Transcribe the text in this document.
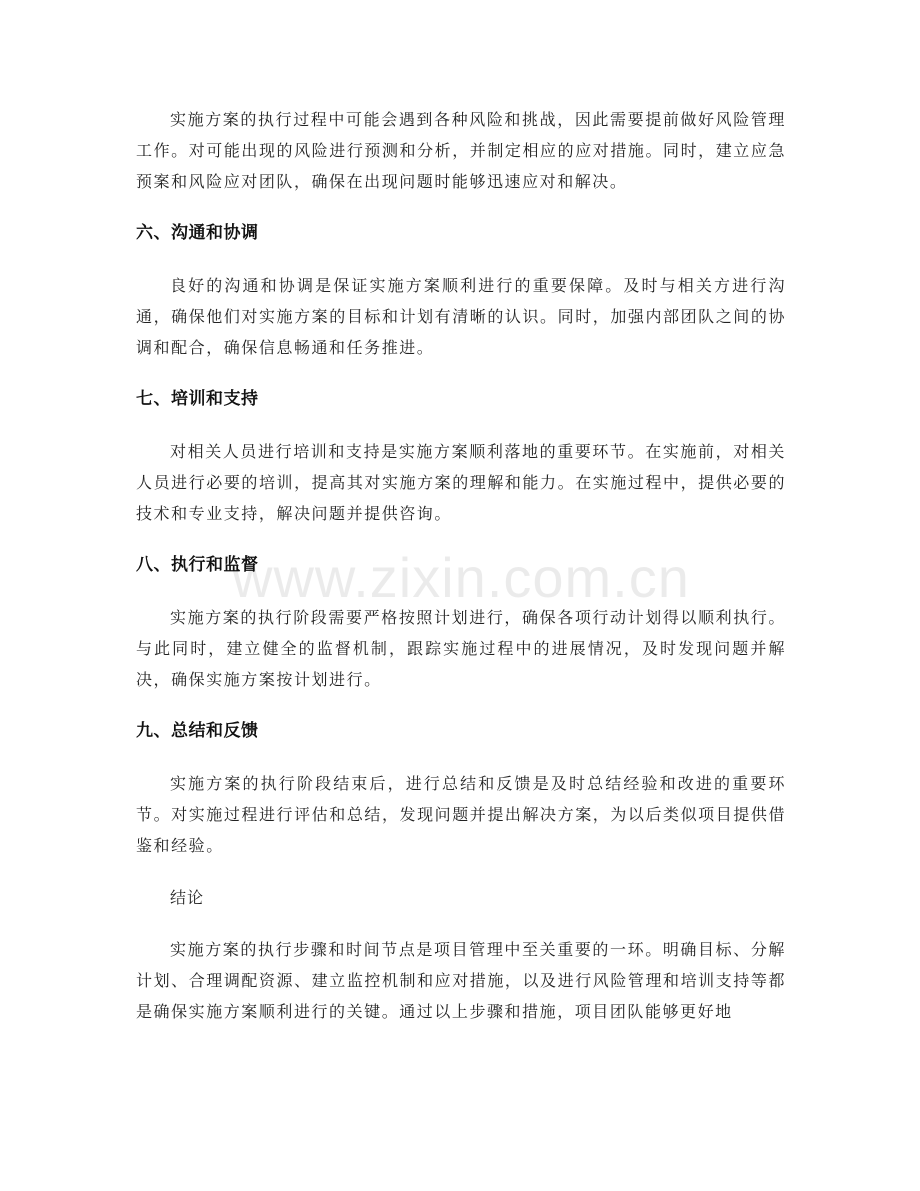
实施方案的执行过程中可能会遇到各种风险和挑战，因此需要提前做好风险管理工作。对可能出现的风险进行预测和分析，并制定相应的应对措施。同时，建立应急预案和风险应对团队，确保在出现问题时能够迅速应对和解决。

六、沟通和协调

良好的沟通和协调是保证实施方案顺利进行的重要保障。及时与相关方进行沟通，确保他们对实施方案的目标和计划有清晰的认识。同时，加强内部团队之间的协调和配合，确保信息畅通和任务推进。

七、培训和支持

对相关人员进行培训和支持是实施方案顺利落地的重要环节。在实施前，对相关人员进行必要的培训，提高其对实施方案的理解和能力。在实施过程中，提供必要的技术和专业支持，解决问题并提供咨询。

八、执行和监督

实施方案的执行阶段需要严格按照计划进行，确保各项行动计划得以顺利执行。与此同时，建立健全的监督机制，跟踪实施过程中的进展情况，及时发现问题并解决，确保实施方案按计划进行。

九、总结和反馈

实施方案的执行阶段结束后，进行总结和反馈是及时总结经验和改进的重要环节。对实施过程进行评估和总结，发现问题并提出解决方案，为以后类似项目提供借鉴和经验。

结论

实施方案的执行步骤和时间节点是项目管理中至关重要的一环。明确目标、分解计划、合理调配资源、建立监控机制和应对措施，以及进行风险管理和培训支持等都是确保实施方案顺利进行的关键。通过以上步骤和措施，项目团队能够更好地

www.zixin.com.cn
